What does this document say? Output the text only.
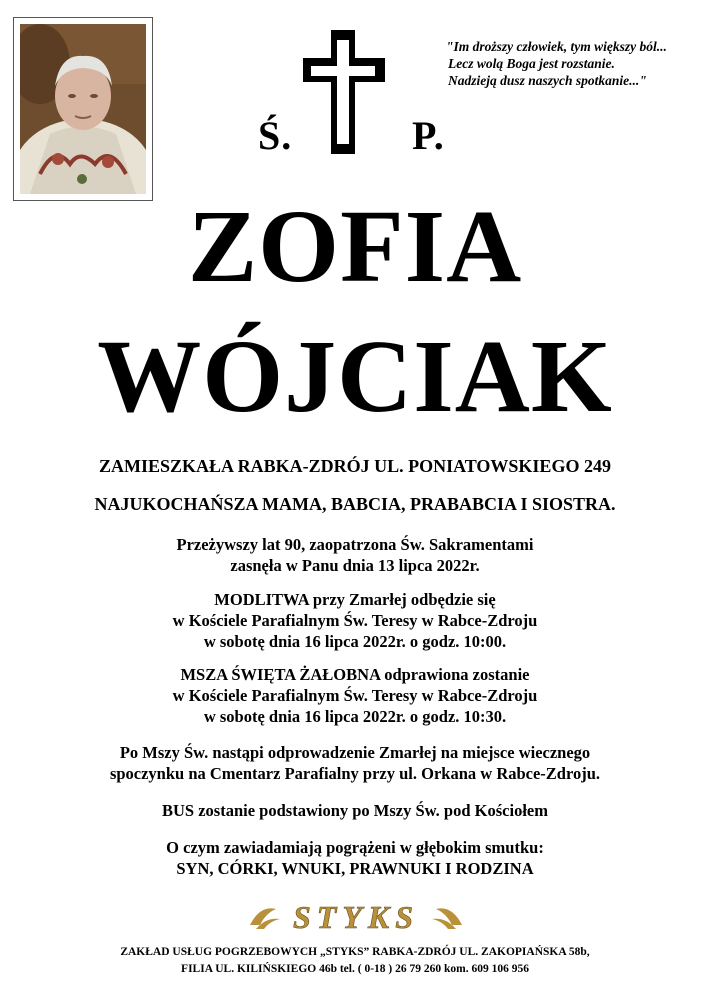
Ś.	P.
"Im droższy człowiek, tym większy ból...
Lecz wolą Boga jest rozstanie.
Nadzieją dusz naszych spotkanie..."
ZOFIA
WÓJCIAK
ZAMIESZKAŁA RABKA-ZDRÓJ UL. PONIATOWSKIEGO 249
NAJUKOCHAŃSZA MAMA, BABCIA, PRABABCIA I SIOSTRA.
Przeżywszy lat 90, zaopatrzona Św. Sakramentami
zasnęła w Panu dnia 13 lipca 2022r.
MODLITWA przy Zmarłej odbędzie się
w Kościele Parafialnym Św. Teresy w Rabce-Zdroju
w sobotę dnia 16 lipca 2022r. o godz. 10:00.
MSZA ŚWIĘTA ŻAŁOBNA odprawiona zostanie
w Kościele Parafialnym Św. Teresy w Rabce-Zdroju
w sobotę dnia 16 lipca 2022r. o godz. 10:30.
Po Mszy Św. nastąpi odprowadzenie Zmarłej na miejsce wiecznego
spoczynku na Cmentarz Parafialny przy ul. Orkana w Rabce-Zdroju.
BUS zostanie podstawiony po Mszy Św. pod Kościołem
O czym zawiadamiają pogrążeni w głębokim smutku:
SYN, CÓRKI, WNUKI, PRAWNUKI I RODZINA
STYKS
ZAKŁAD USŁUG POGRZEBOWYCH „STYKS” RABKA-ZDRÓJ UL. ZAKOPIAŃSKA 58b,
FILIA UL. KILIŃSKIEGO 46b tel. ( 0-18 ) 26 79 260 kom. 609 106 956
